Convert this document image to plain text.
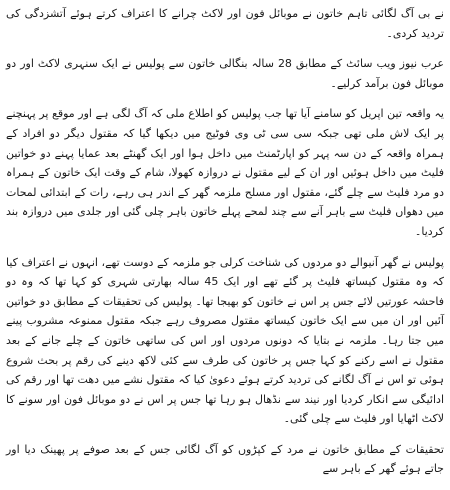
نے بی آگ لگائی تاہم خاتون نے موبائل فون اور لاکٹ چرانے کا اعتراف کرتے ہوئے آتشزدگی کی تردید کردی۔

عرب نیوز ویب سائٹ کے مطابق 28 سالہ بنگالی خاتون سے پولیس نے ایک سنہری لاکٹ اور دو موبائل فون برآمد کرلیے۔

یہ واقعہ تین اپریل کو سامنے آیا تھا جب پولیس کو اطلاع ملی کہ آگ لگی ہے اور موقع پر پہنچنے پر ایک لاش ملی تھی جبکہ سی سی ٹی وی فوٹیج میں دیکھا گیا کہ مقتول دیگر دو افراد کے ہمراہ واقعہ کے دن سہ پہر کو اپارٹمنٹ میں داخل ہوا اور ایک گھنٹے بعد عمایا پہنے دو خواتین فلیٹ میں داخل ہوئیں اور ان کے لیے مقتول نے دروازہ کھولا، شام کے وقت ایک خاتون کے ہمراہ دو مرد فلیٹ سے چلے گئے، مقتول اور مسلح ملزمہ گھر کے اندر ہی رہے، رات کے ابتدائی لمحات میں دھواں فلیٹ سے باہر آنے سے چند لمحے پہلے خاتون باہر چلی گئی اور جلدی میں دروازہ بند کردیا۔

پولیس نے گھر آنیوالے دو مردوں کی شناخت کرلی جو ملزمہ کے دوست تھے، انہوں نے اعتراف کیا کہ وہ مقتول کیساتھ فلیٹ پر گئے تھے اور ایک 45 سالہ بھارتی شہری کو کہا تھا کہ وہ دو فاحشہ عورتیں لائے جس پر اس نے خاتون کو بھیجا تھا۔ پولیس کی تحقیقات کے مطابق دو خواتین آئیں اور ان میں سے ایک خاتون کیساتھ مقتول مصروف رہے جبکہ مقتول ممنوعہ مشروب پینے میں جتا رہا۔ ملزمہ نے بتایا کہ دونوں مردوں اور اس کی ساتھی خاتون کے چلے جانے کے بعد مقتول نے اسے رکنے کو کہا جس پر خاتون کی طرف سے کئی لاکھ دینے کی رقم پر بحث شروع ہوئی تو اس نے آگ لگانے کی تردید کرتے ہوئے دعویٰ کیا کہ مقتول نشے میں دھت تھا اور رقم کی ادائیگی سے انکار کردیا اور نیند سے نڈھال ہو رہا تھا جس پر اس نے دو موبائل فون اور سونے کا لاکٹ اٹھایا اور فلیٹ سے چلی گئی۔

تحقیقات کے مطابق خاتون نے مرد کے کپڑوں کو آگ لگائی جس کے بعد صوفے پر پھینک دیا اور جاتے ہوئے گھر کے باہر سے
